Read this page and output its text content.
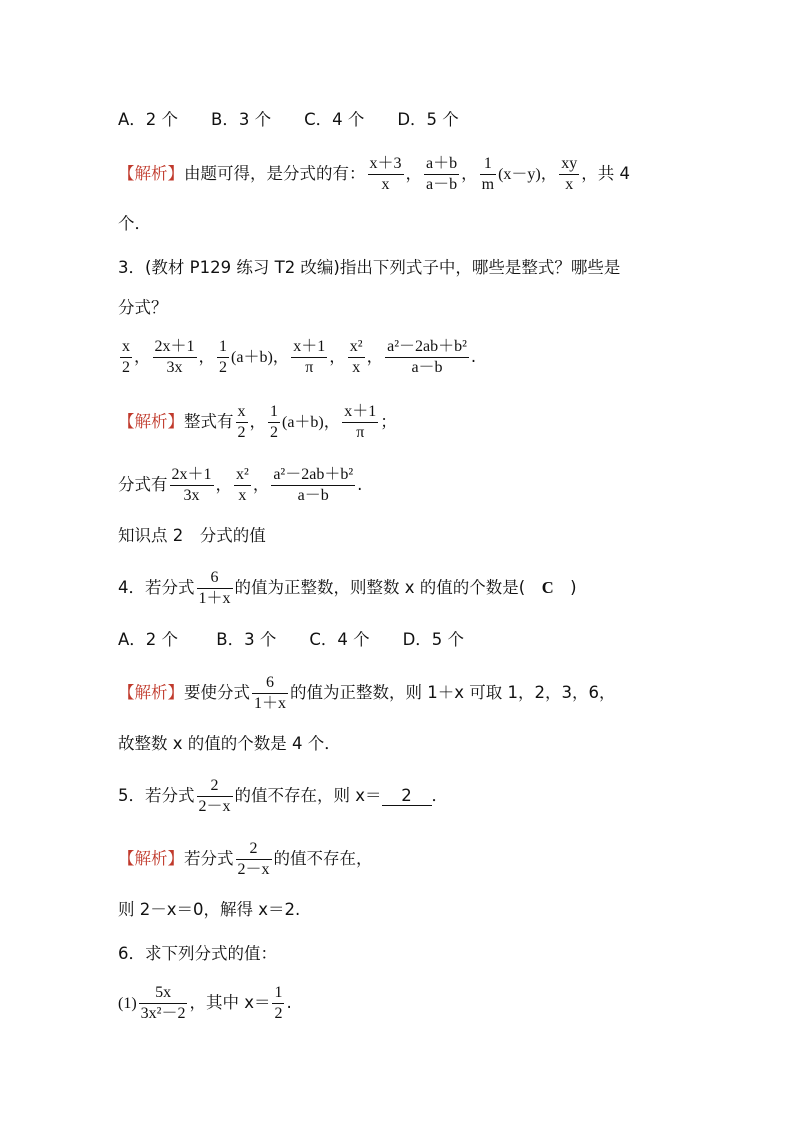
A．2 个　　B．3 个　　C．4 个　　D．5 个
【解析】由题可得，是分式的有： $\frac{x+3}{x}$ ， $\frac{a+b}{a-b}$ ， $\frac{1}{m} (x-y)$， $\frac{xy}{x}$ ，共 4
个．
3．(教材 P129 练习 T2 改编)指出下列式子中，哪些是整式？哪些是
分式？
$\frac{x}{2}$ ， $\frac{2x+1}{3x}$ ， $\frac{1}{2} (a+b)$， $\frac{x+1}{\pi}$ ， $\frac{\text{x²}}{x}$ ， $\frac{\text{a²－2ab＋b²}}{a-b}$ .
【解析】整式有 $\frac{x}{2}$ ， $\frac{1}{2} (a+b)$， $\frac{x+1}{\pi}$ ；
分式有 $\frac{2x+1}{3x}$ ， $\frac{\text{x²}}{x}$ ， $\frac{\text{a²－2ab＋b²}}{a-b}$ .
知识点 2　分式的值
4．若分式 $\frac{6}{1+x}$ 的值为正整数，则整数 x 的值的个数是(　 C　)
A．2 个　　 B．3 个　　C．4 个　　D．5 个
【解析】要使分式 $\frac{6}{1+x}$ 的值为正整数，则 1＋x 可取 1，2，3，6，
故整数 x 的值的个数是 4 个．
5．若分式 $\frac{2}{2-x}$ 的值不存在，则 x＝ 2 ．
【解析】若分式 $\frac{2}{2-x}$ 的值不存在，
则 2－x＝0，解得 x＝2.
6．求下列分式的值：
$(1) \frac{5x}{\text{3x²－2}}$ ，其中 $x= \frac{1}{2}$ .
